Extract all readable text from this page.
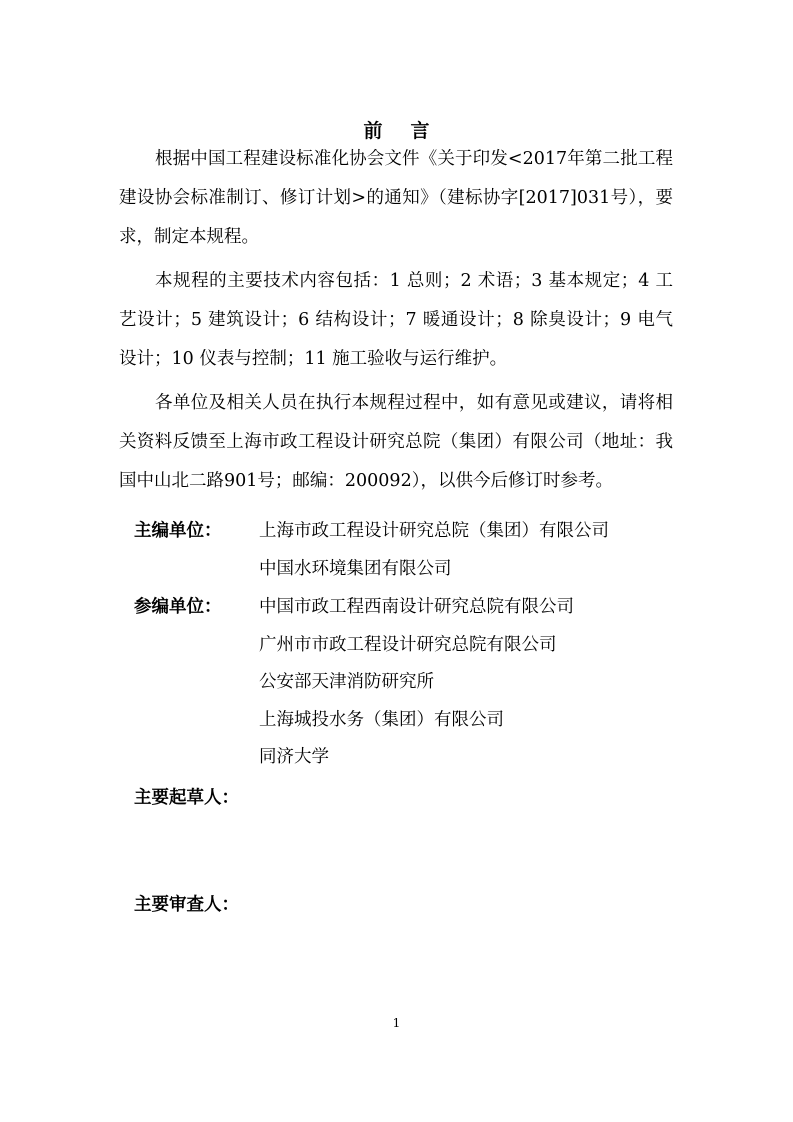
前言

根据中国工程建设标准化协会文件《关于印发<2017年第二批工程建设协会标准制订、修订计划>的通知》（建标协字[2017]031号），要求，制定本规程。

本规程的主要技术内容包括：1 总则；2 术语；3 基本规定；4 工艺设计；5 建筑设计；6 结构设计；7 暖通设计；8 除臭设计；9 电气设计；10 仪表与控制；11 施工验收与运行维护。

各单位及相关人员在执行本规程过程中，如有意见或建议，请将相关资料反馈至上海市政工程设计研究总院（集团）有限公司（地址：我国中山北二路901号；邮编：200092），以供今后修订时参考。

主编单位： 上海市政工程设计研究总院（集团）有限公司
中国水环境集团有限公司
参编单位： 中国市政工程西南设计研究总院有限公司
广州市市政工程设计研究总院有限公司
公安部天津消防研究所
上海城投水务（集团）有限公司
同济大学
主要起草人：
主要审查人：
1
